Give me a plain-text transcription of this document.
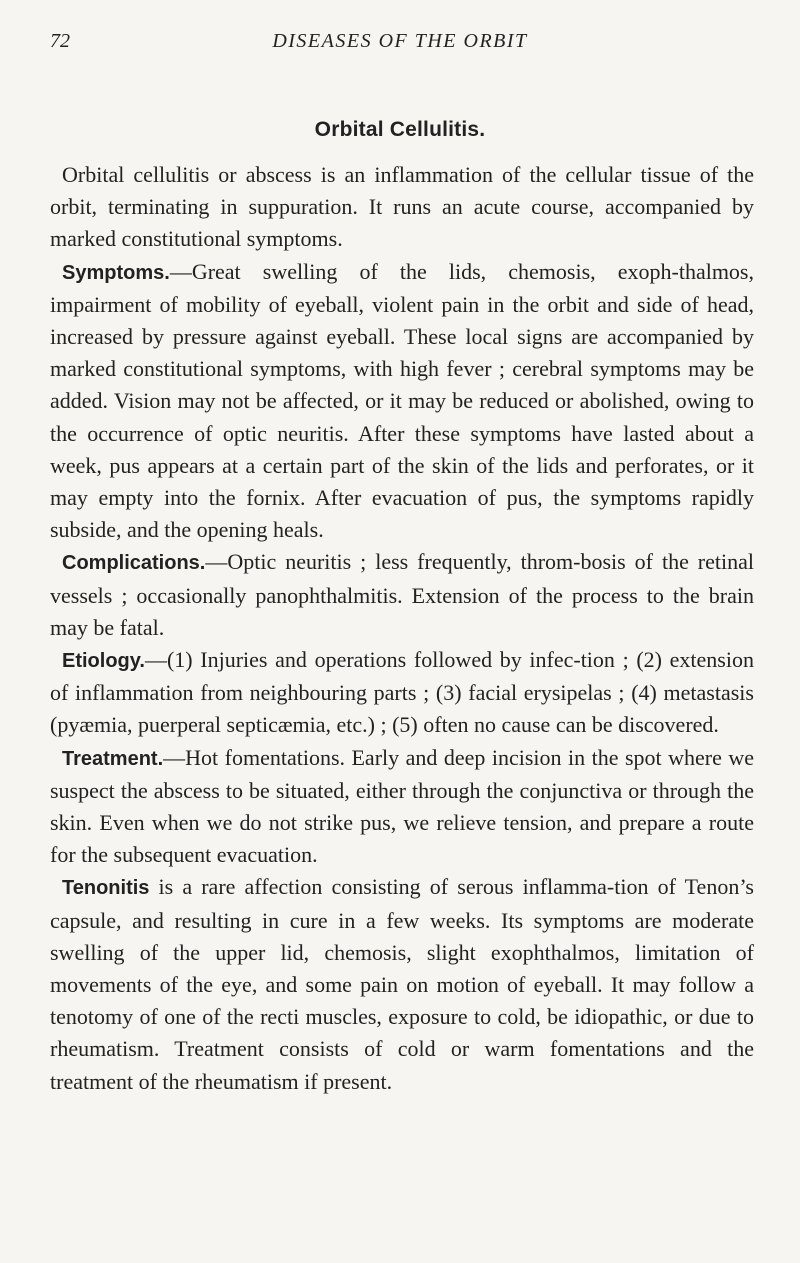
72	DISEASES OF THE ORBIT
Orbital Cellulitis.

Orbital cellulitis or abscess is an inflammation of the cellular tissue of the orbit, terminating in suppuration. It runs an acute course, accompanied by marked constitutional symptoms.

Symptoms.—Great swelling of the lids, chemosis, exoph-thalmos, impairment of mobility of eyeball, violent pain in the orbit and side of head, increased by pressure against eyeball. These local signs are accompanied by marked constitutional symptoms, with high fever ; cerebral symptoms may be added. Vision may not be affected, or it may be reduced or abolished, owing to the occurrence of optic neuritis. After these symptoms have lasted about a week, pus appears at a certain part of the skin of the lids and perforates, or it may empty into the fornix. After evacuation of pus, the symptoms rapidly subside, and the opening heals.

Complications.—Optic neuritis ; less frequently, throm-bosis of the retinal vessels ; occasionally panophthalmitis. Extension of the process to the brain may be fatal.

Etiology.—(1) Injuries and operations followed by infec-tion ; (2) extension of inflammation from neighbouring parts ; (3) facial erysipelas ; (4) metastasis (pyæmia, puerperal septicæmia, etc.) ; (5) often no cause can be discovered.

Treatment.—Hot fomentations. Early and deep incision in the spot where we suspect the abscess to be situated, either through the conjunctiva or through the skin. Even when we do not strike pus, we relieve tension, and prepare a route for the subsequent evacuation.

Tenonitis is a rare affection consisting of serous inflamma-tion of Tenon’s capsule, and resulting in cure in a few weeks. Its symptoms are moderate swelling of the upper lid, chemosis, slight exophthalmos, limitation of movements of the eye, and some pain on motion of eyeball. It may follow a tenotomy of one of the recti muscles, exposure to cold, be idiopathic, or due to rheumatism. Treatment consists of cold or warm fomentations and the treatment of the rheumatism if present.
